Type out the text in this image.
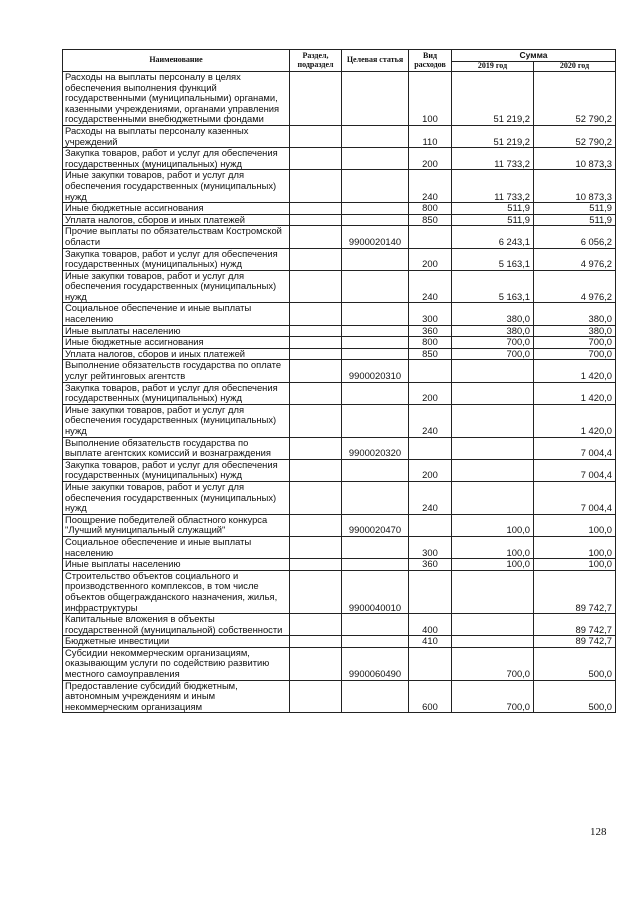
Наименование	Раздел, подраздел	Целевая статья	Вид расходов	Сумма	
				2019 год	2020 год
Расходы на выплаты персоналу в целях обеспечения выполнения функций государственными (муниципальными) органами, казенными учреждениями, органами управления государственными внебюджетными фондами			100	51 219,2	52 790,2
Расходы на выплаты персоналу казенных учреждений			110	51 219,2	52 790,2
Закупка товаров, работ и услуг для обеспечения государственных (муниципальных) нужд			200	11 733,2	10 873,3
Иные закупки товаров, работ и услуг для обеспечения государственных (муниципальных) нужд			240	11 733,2	10 873,3
Иные бюджетные ассигнования			800	511,9	511,9
Уплата налогов, сборов и иных платежей			850	511,9	511,9
Прочие выплаты по обязательствам Костромской области		9900020140		6 243,1	6 056,2
Закупка товаров, работ и услуг для обеспечения государственных (муниципальных) нужд			200	5 163,1	4 976,2
Иные закупки товаров, работ и услуг для обеспечения государственных (муниципальных) нужд			240	5 163,1	4 976,2
Социальное обеспечение и иные выплаты населению			300	380,0	380,0
Иные выплаты населению			360	380,0	380,0
Иные бюджетные ассигнования			800	700,0	700,0
Уплата налогов, сборов и иных платежей			850	700,0	700,0
Выполнение обязательств государства по оплате услуг рейтинговых агентств		9900020310			1 420,0
Закупка товаров, работ и услуг для обеспечения государственных (муниципальных) нужд			200		1 420,0
Иные закупки товаров, работ и услуг для обеспечения государственных (муниципальных) нужд			240		1 420,0
Выполнение обязательств государства по выплате агентских комиссий и вознаграждения		9900020320			7 004,4
Закупка товаров, работ и услуг для обеспечения государственных (муниципальных) нужд			200		7 004,4
Иные закупки товаров, работ и услуг для обеспечения государственных (муниципальных) нужд			240		7 004,4
Поощрение победителей областного конкурса "Лучший муниципальный служащий"		9900020470		100,0	100,0
Социальное обеспечение и иные выплаты населению			300	100,0	100,0
Иные выплаты населению			360	100,0	100,0
Строительство объектов социального и производственного комплексов, в том числе объектов общегражданского назначения, жилья, инфраструктуры		9900040010			89 742,7
Капитальные вложения в объекты государственной (муниципальной) собственности			400		89 742,7
Бюджетные инвестиции			410		89 742,7
Субсидии некоммерческим организациям, оказывающим услуги по содействию развитию местного самоуправления		9900060490		700,0	500,0
Предоставление субсидий бюджетным, автономным учреждениям и иным некоммерческим организациям			600	700,0	500,0
128
